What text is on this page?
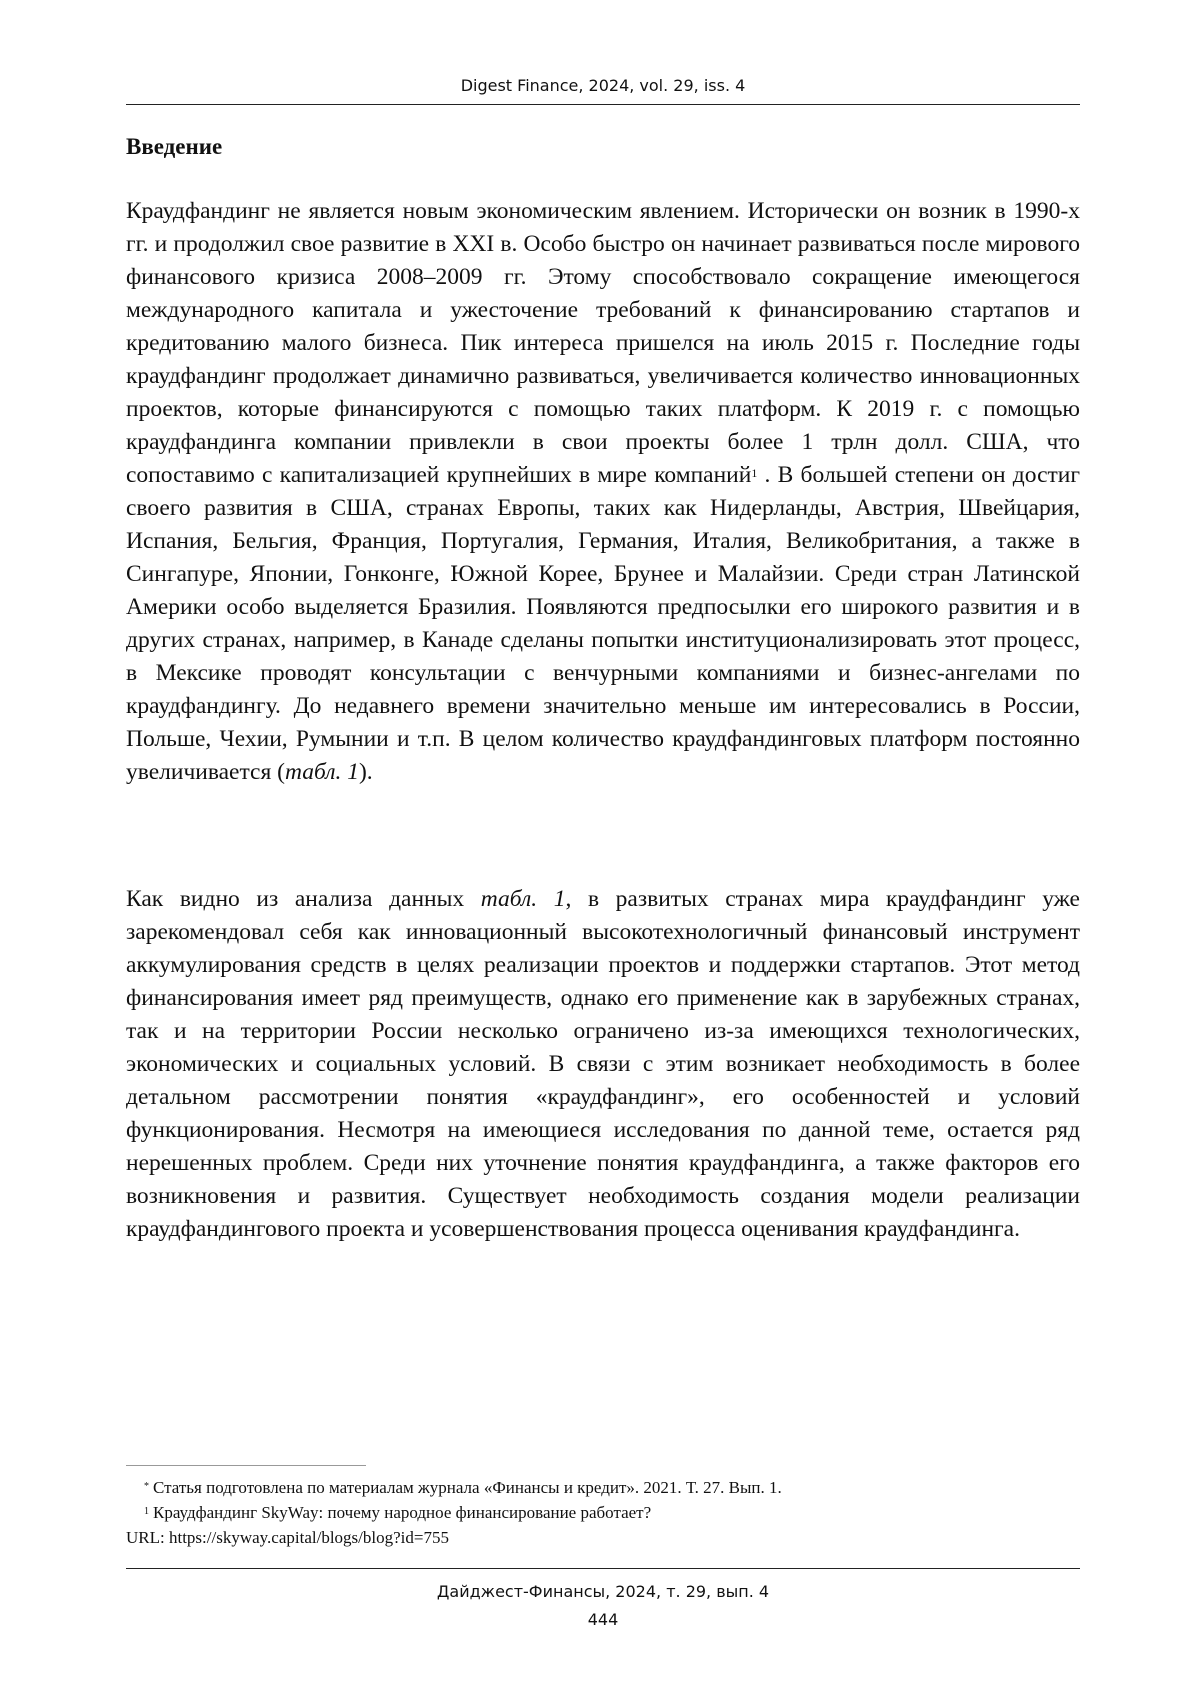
Digest Finance, 2024, vol. 29, iss. 4
Введение

Краудфандинг не является новым экономическим явлением. Исторически он возник в 1990-х гг. и продолжил свое развитие в XXI в. Особо быстро он начинает развиваться после мирового финансового кризиса 2008–2009 гг. Этому способствовало сокращение имеющегося международного капитала и ужесточение требований к финансированию стартапов и кредитованию малого бизнеса. Пик интереса пришелся на июль 2015 г. Последние годы краудфандинг продолжает динамично развиваться, увеличивается количество инновационных проектов, которые финансируются с помощью таких платформ. К 2019 г. с помощью краудфандинга компании привлекли в свои проекты более 1 трлн долл. США, что сопоставимо с капитализацией крупнейших в мире компаний$^1$ . В большей степени он достиг своего развития в США, странах Европы, таких как Нидерланды, Австрия, Швейцария, Испания, Бельгия, Франция, Португалия, Германия, Италия, Великобритания, а также в Сингапуре, Японии, Гонконге, Южной Корее, Брунее и Малайзии. Среди стран Латинской Америки особо выделяется Бразилия. Появляются предпосылки его широкого развития и в других странах, например, в Канаде сделаны попытки институционализировать этот процесс, в Мексике проводят консультации с венчурными компаниями и бизнес-ангелами по краудфандингу. До недавнего времени значительно меньше им интересовались в России, Польше, Чехии, Румынии и т.п. В целом количество краудфандинговых платформ постоянно увеличивается (табл. 1).

Как видно из анализа данных табл. 1, в развитых странах мира краудфандинг уже зарекомендовал себя как инновационный высокотехнологичный финансовый инструмент аккумулирования средств в целях реализации проектов и поддержки стартапов. Этот метод финансирования имеет ряд преимуществ, однако его применение как в зарубежных странах, так и на территории России несколько ограничено из-за имеющихся технологических, экономических и социальных условий. В связи с этим возникает необходимость в более детальном рассмотрении понятия «краудфандинг», его особенностей и условий функционирования. Несмотря на имеющиеся исследования по данной теме, остается ряд нерешенных проблем. Среди них уточнение понятия краудфандинга, а также факторов его возникновения и развития. Существует необходимость создания модели реализации краудфандингового проекта и усовершенствования процесса оценивания краудфандинга.

* Статья подготовлена по материалам журнала «Финансы и кредит». 2021. Т. 27. Вып. 1.

$^1$ Краудфандинг SkyWay: почему народное финансирование работает?

URL: https://skyway.capital/blogs/blog?id=755

Дайджест-Финансы, 2024, т. 29, вып. 4
444
